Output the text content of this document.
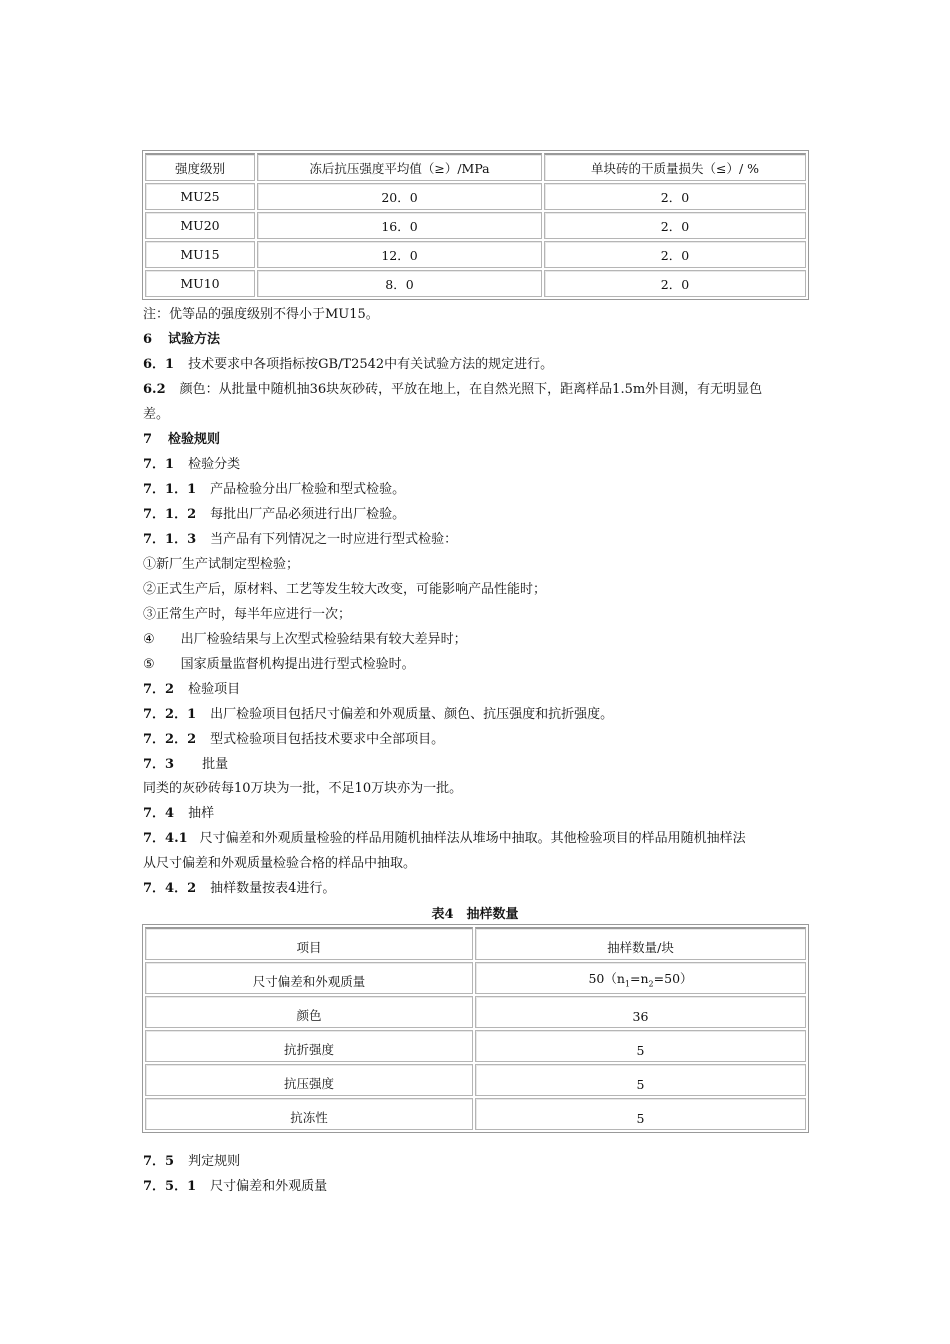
强度级别	冻后抗压强度平均值（≥）/MPa	单块砖的干质量损失（≤）/ %
MU25	20．0	2．0
MU20	16．0	2．0
MU15	12．0	2．0
MU10	8．0	2．0
注：优等品的强度级别不得小于MU15。
6 试验方法
6．1 技术要求中各项指标按GB/T2542中有关试验方法的规定进行。
6.2 颜色：从批量中随机抽36块灰砂砖，平放在地上，在自然光照下，距离样品1.5m外目测，有无明显色
差。
7 检验规则
7．1 检验分类
7．1．1 产品检验分出厂检验和型式检验。
7．1．2 每批出厂产品必须进行出厂检验。
7．1．3 当产品有下列情况之一时应进行型式检验：
①新厂生产试制定型检验；
②正式生产后，原材料、工艺等发生较大改变，可能影响产品性能时；
③正常生产时，每半年应进行一次；
④ 出厂检验结果与上次型式检验结果有较大差异时；
⑤ 国家质量监督机构提出进行型式检验时。
7．2 检验项目
7．2．1 出厂检验项目包括尺寸偏差和外观质量、颜色、抗压强度和抗折强度。
7．2．2 型式检验项目包括技术要求中全部项目。
7．3 批量
同类的灰砂砖每10万块为一批，不足10万块亦为一批。
7．4 抽样
7．4.1 尺寸偏差和外观质量检验的样品用随机抽样法从堆场中抽取。其他检验项目的样品用随机抽样法
从尺寸偏差和外观质量检验合格的样品中抽取。
7．4．2 抽样数量按表4进行。
表4　抽样数量
项目	抽样数量/块
尺寸偏差和外观质量	$50(n_1=n_2=50)$
颜色	36
抗折强度	5
抗压强度	5
抗冻性	5
7．5 判定规则
7．5．1 尺寸偏差和外观质量
